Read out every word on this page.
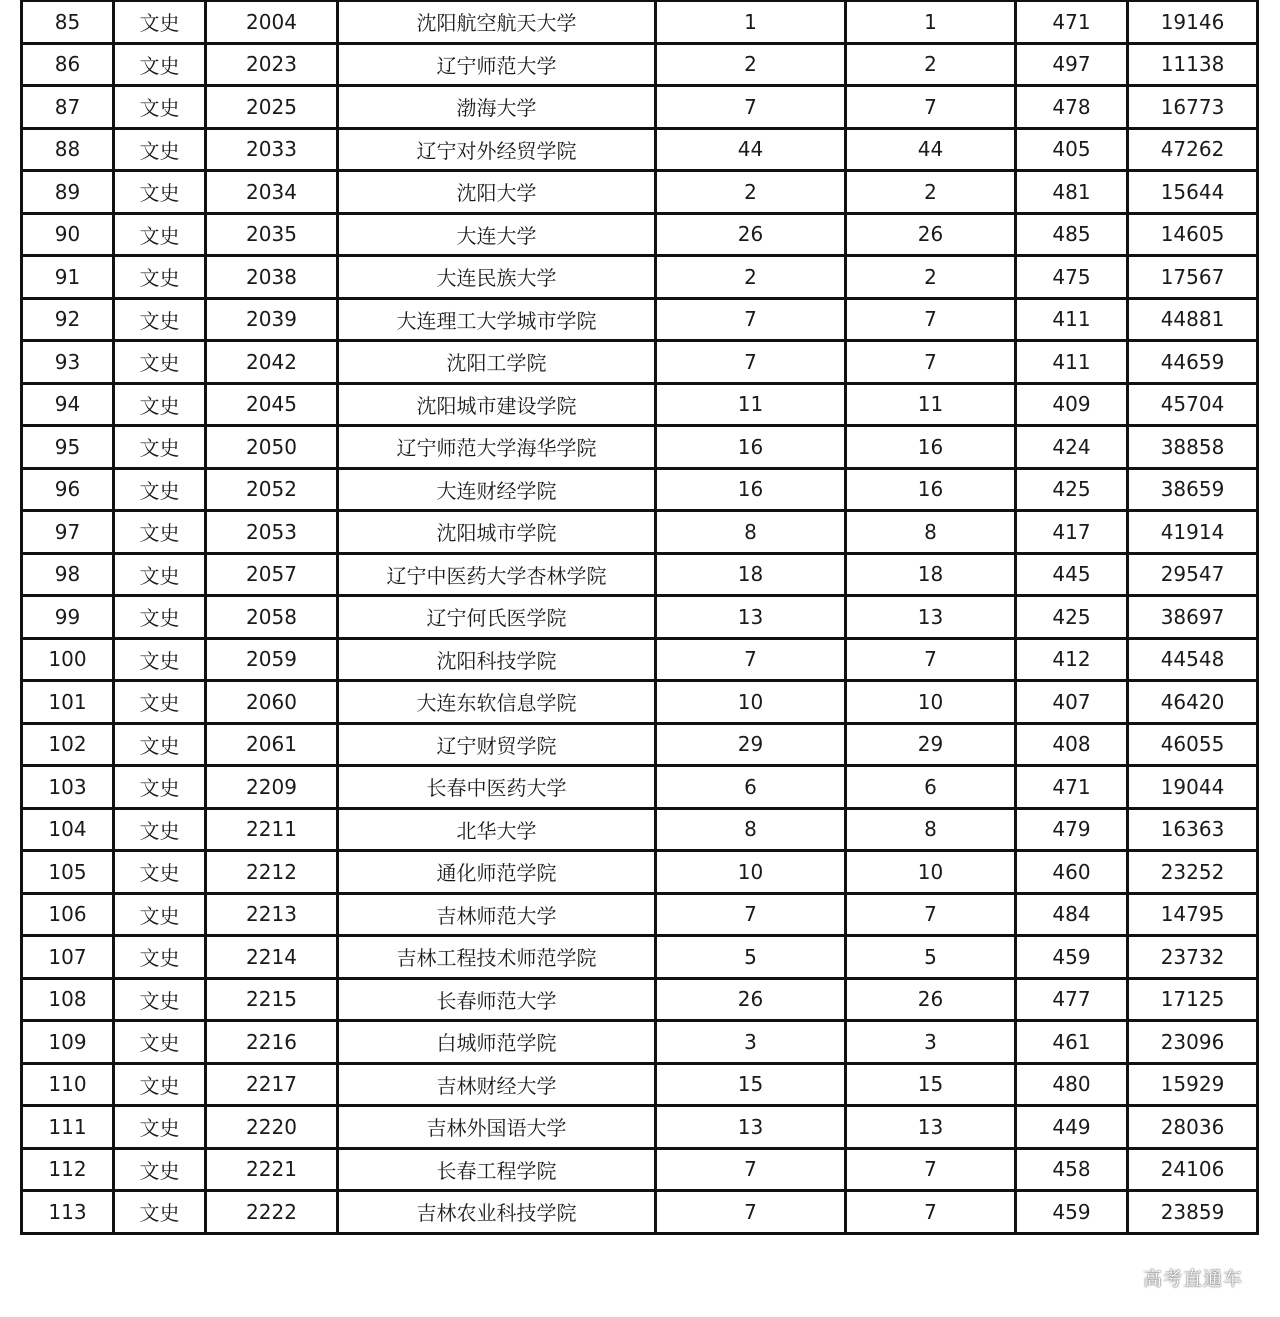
85	文史	2004	沈阳航空航天大学	1	1	471	19146
86	文史	2023	辽宁师范大学	2	2	497	11138
87	文史	2025	渤海大学	7	7	478	16773
88	文史	2033	辽宁对外经贸学院	44	44	405	47262
89	文史	2034	沈阳大学	2	2	481	15644
90	文史	2035	大连大学	26	26	485	14605
91	文史	2038	大连民族大学	2	2	475	17567
92	文史	2039	大连理工大学城市学院	7	7	411	44881
93	文史	2042	沈阳工学院	7	7	411	44659
94	文史	2045	沈阳城市建设学院	11	11	409	45704
95	文史	2050	辽宁师范大学海华学院	16	16	424	38858
96	文史	2052	大连财经学院	16	16	425	38659
97	文史	2053	沈阳城市学院	8	8	417	41914
98	文史	2057	辽宁中医药大学杏林学院	18	18	445	29547
99	文史	2058	辽宁何氏医学院	13	13	425	38697
100	文史	2059	沈阳科技学院	7	7	412	44548
101	文史	2060	大连东软信息学院	10	10	407	46420
102	文史	2061	辽宁财贸学院	29	29	408	46055
103	文史	2209	长春中医药大学	6	6	471	19044
104	文史	2211	北华大学	8	8	479	16363
105	文史	2212	通化师范学院	10	10	460	23252
106	文史	2213	吉林师范大学	7	7	484	14795
107	文史	2214	吉林工程技术师范学院	5	5	459	23732
108	文史	2215	长春师范大学	26	26	477	17125
109	文史	2216	白城师范学院	3	3	461	23096
110	文史	2217	吉林财经大学	15	15	480	15929
111	文史	2220	吉林外国语大学	13	13	449	28036
112	文史	2221	长春工程学院	7	7	458	24106
113	文史	2222	吉林农业科技学院	7	7	459	23859
高考直通车
